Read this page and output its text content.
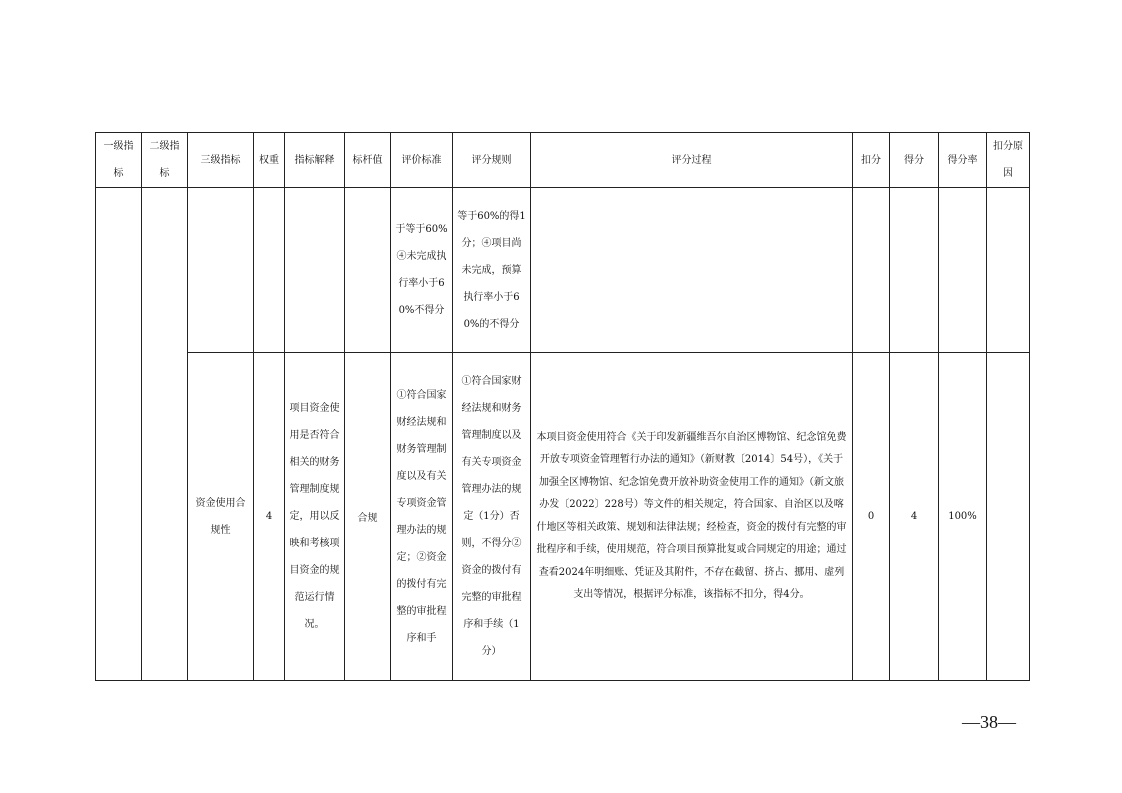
一级指标	二级指标	三级指标	权重	指标解释	标杆值	评价标准	评分规则	评分过程	扣分	得分	得分率	扣分原因
						于等于60%④未完成执行率小于60%不得分	等于60%的得1分；④项目尚未完成，预算执行率小于60%的不得分					
		资金使用合规性	4	项目资金使用是否符合相关的财务管理制度规定，用以反映和考核项目资金的规范运行情况。	合规	①符合国家财经法规和财务管理制度以及有关专项资金管理办法的规定；②资金的拨付有完整的审批程序和手	①符合国家财经法规和财务管理制度以及有关专项资金管理办法的规定（1分）否则，不得分②资金的拨付有完整的审批程序和手续（1分）	本项目资金使用符合《关于印发新疆维吾尔自治区博物馆、纪念馆免费开放专项资金管理暂行办法的通知》（新财教〔2014〕54号），《关于加强全区博物馆、纪念馆免费开放补助资金使用工作的通知》（新文旅办发〔2022〕228号）等文件的相关规定，符合国家、自治区以及喀什地区等相关政策、规划和法律法规；经检查，资金的拨付有完整的审批程序和手续，使用规范，符合项目预算批复或合同规定的用途；通过查看2024年明细账、凭证及其附件，不存在截留、挤占、挪用、虚列支出等情况，根据评分标准，该指标不扣分，得4分。	0	4	100%	
—38—
